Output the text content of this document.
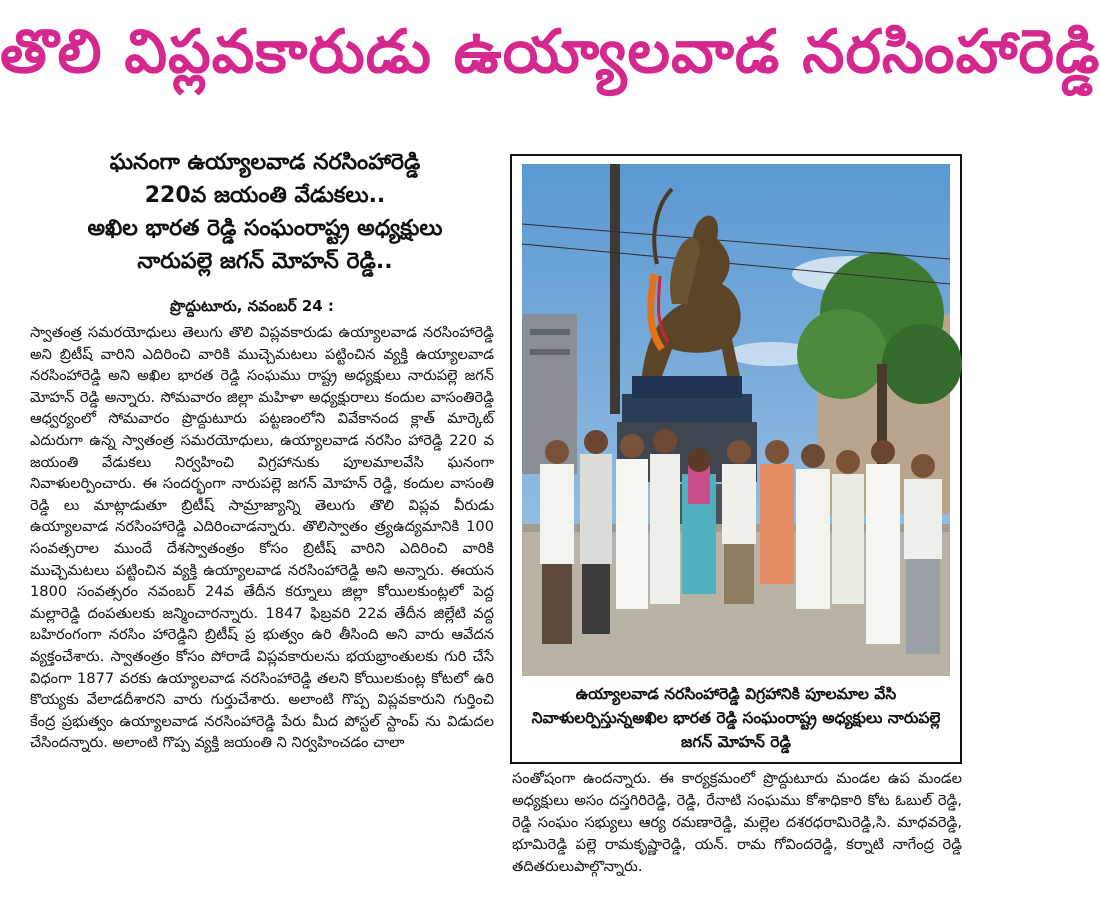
తొలి విప్లవకారుడు ఉయ్యాలవాడ నరసింహారెడ్డి
ఘనంగా ఉయ్యాలవాడ నరసింహారెడ్డి
220వ జయంతి వేడుకలు..
అఖిల భారత రెడ్డి సంఘంరాష్ట్ర అధ్యక్షులు
నారుపల్లె జగన్ మోహన్ రెడ్డి..
ప్రొద్దుటూరు, నవంబర్ 24 :
స్వాతంత్ర సమరయోధులు తెలుగు తొలి విప్లవకారుడు ఉయ్యాలవాడ నరసింహారెడ్డి అని బ్రిటీష్ వారిని ఎదిరించి వారికి ముచ్చెమటలు పట్టించిన వ్యక్తి ఉయ్యాలవాడ నరసింహారెడ్డి అని అఖిల భారత రెడ్డి సంఘము రాష్ట్ర అధ్యక్షులు నారుపల్లె జగన్ మోహన్ రెడ్డి అన్నారు. సోమవారం జిల్లా మహిళా అధ్యక్షురాలు కందుల వాసంతిరెడ్డి ఆధ్వర్యంలో సోమవారం ప్రొద్దుటూరు పట్టణంలోని వివేకానంద క్లాత్ మార్కెట్ ఎదురుగా ఉన్న స్వాతంత్ర సమరయోధులు, ఉయ్యాలవాడ నరసిం హారెడ్డి 220 వ జయంతి వేడుకలు నిర్వహించి విగ్రహానుకు పూలమాలవేసి ఘనంగా నివాళులర్పించారు. ఈ సందర్భంగా నారుపల్లె జగన్ మోహన్ రెడ్డి, కందుల వాసంతి రెడ్డి లు మాట్లాడుతూ బ్రిటీష్ సామ్రాజ్యాన్ని తెలుగు తొలి విప్లవ వీరుడు ఉయ్యాలవాడ నరసింహారెడ్డి ఎదిరించాడన్నారు. తొలిస్వాతం త్ర్యఉద్యమానికి 100 సంవత్సరాల ముందే దేశస్వాతంత్రం కోసం బ్రిటీష్ వారిని ఎదిరించి వారికి ముచ్చెమటలు పట్టించిన వ్యక్తి ఉయ్యాలవాడ నరసింహారెడ్డి అని అన్నారు. ఈయన 1800 సంవత్సరం నవంబర్ 24వ తేదీన కర్నూలు జిల్లా కోయిలకుంట్లలో పెద్ద మల్లారెడ్డి దంపతులకు జన్మించారన్నారు. 1847 ఫిబ్రవరి 22వ తేదీన జిల్లేటి వద్ద బహిరంగంగా నరసిం హారెడ్డిని బ్రిటీష్ ప్ర భుత్వం ఉరి తీసింది అని వారు ఆవేదన వ్యక్తంచేశారు. స్వాతంత్రం కోసం పోరాడే విప్లవకారులను భయభ్రాంతులకు గురి చేసే విధంగా 1877 వరకు ఉయ్యాలవాడ నరసింహారెడ్డి తలని కోయిలకుంట్ల కోటలో ఉరి కొయ్యకు వేలాడదీశారని వారు గుర్తుచేశారు. అలాంటి గొప్ప విప్లవకారుని గుర్తించి కేంద్ర ప్రభుత్వం ఉయ్యాలవాడ నరసింహారెడ్డి పేరు మీద పోస్టల్ స్టాంప్ ను విడుదల చేసిందన్నారు. అలాంటి గొప్ప వ్యక్తి జయంతి ని నిర్వహించడం చాలా
ఉయ్యాలవాడ నరసింహారెడ్డి విగ్రహానికి పూలమాల వేసి నివాళులర్పిస్తున్నఅఖిల భారత రెడ్డి సంఘంరాష్ట్ర అధ్యక్షులు నారుపల్లె జగన్ మోహన్ రెడ్డి
సంతోషంగా ఉందన్నారు. ఈ కార్యక్రమంలో ప్రొద్దుటూరు మండల ఉప మండల అధ్యక్షులు అసం దస్తగిరిరెడ్డి, రెడ్డి, రేనాటి సంఘము కోశాధికారి కోట ఓబుల్ రెడ్డి, రెడ్డి సంఘం సభ్యులు ఆర్య రమణారెడ్డి, మల్లెల దశరధరామిరెడ్డి,సి. మాధవరెడ్డి, భూమిరెడ్డి పల్లె రామకృష్ణారెడ్డి, యన్. రామ గోవిందరెడ్డి, కర్నాటి నాగేంద్ర రెడ్డి తదితరులుపాల్గొన్నారు.
